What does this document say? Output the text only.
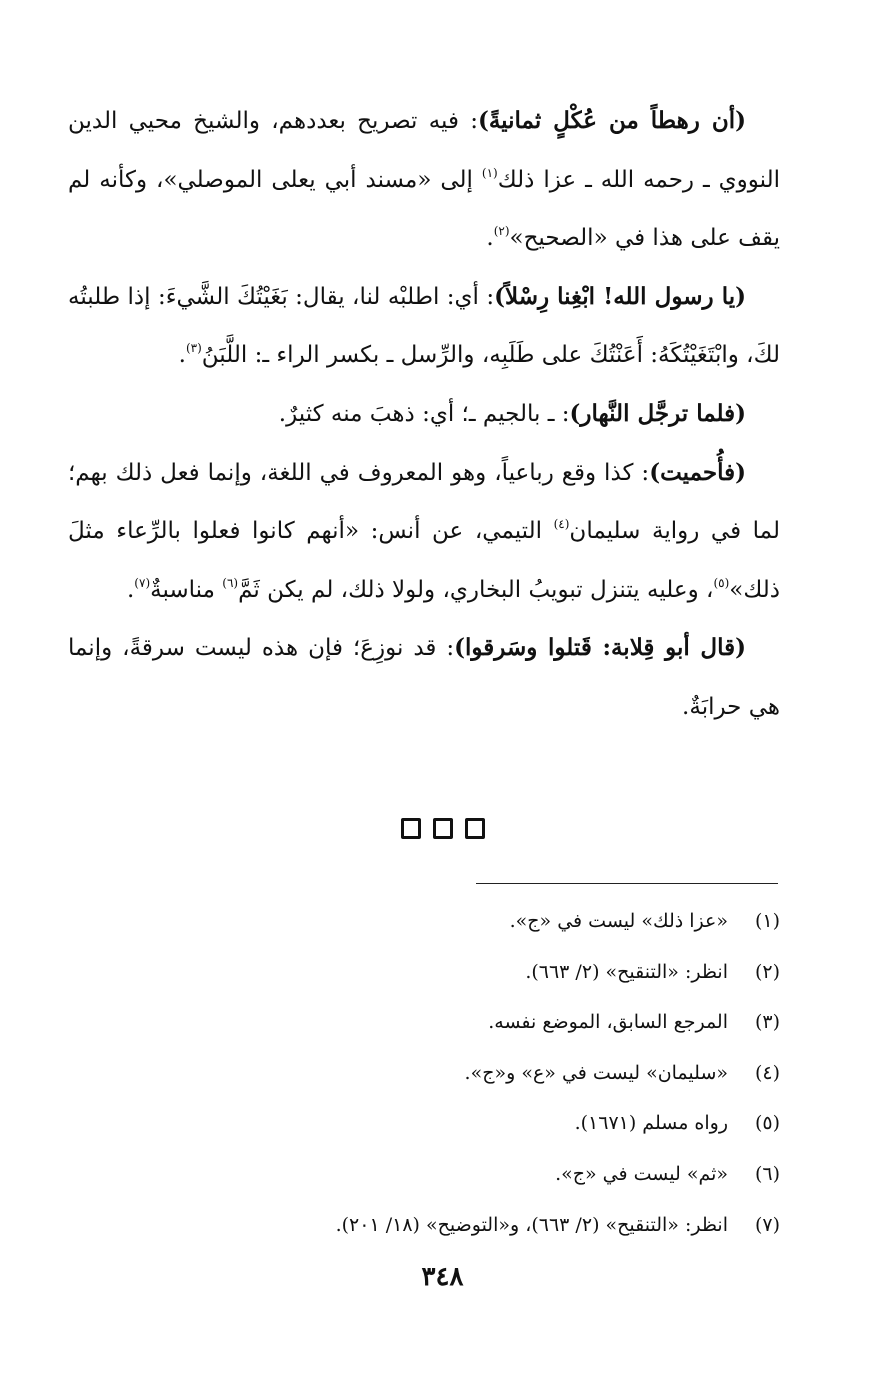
(أن رهطاً من عُكْلٍ ثمانيةً): فيه تصريح بعددهم، والشيخ محيي الدين النووي ـ رحمه الله ـ عزا ذلك$^{(١)}$ إلى «مسند أبي يعلى الموصلي»، وكأنه لم يقف على هذا في «الصحيح»$^{(٢)}$.

(يا رسول الله! ابْغِنا رِسْلاً): أي: اطلبْه لنا، يقال: بَغَيْتُكَ الشَّيءَ: إذا طلبتُه لكَ، وابْتَغَيْتُكَهُ: أَعَنْتُكَ على طَلَبِه، والرِّسل ـ بكسر الراء ـ: اللَّبَنُ$^{(٣)}$.

(فلما ترجَّل النَّهار): ـ بالجيم ـ؛ أي: ذهبَ منه كثيرٌ.

(فأُحميت): كذا وقع رباعياً، وهو المعروف في اللغة، وإنما فعل ذلك بهم؛ لما في رواية سليمان$^{(٤)}$ التيمي، عن أنس: «أنهم كانوا فعلوا بالرِّعاء مثلَ ذلك»$^{(٥)}$، وعليه يتنزل تبويبُ البخاري، ولولا ذلك، لم يكن ثَمَّ$^{(٦)}$ مناسبةٌ$^{(٧)}$.

(قال أبو قِلابة: قَتلوا وسَرقوا): قد نوزِعَ؛ فإن هذه ليست سرقةً، وإنما هي حرابَةٌ.

(١)
«عزا ذلك» ليست في «ج».
(٢)
انظر: «التنقيح» (٢/ ٦٦٣).
(٣)
المرجع السابق، الموضع نفسه.
(٤)
«سليمان» ليست في «ع» و«ج».
(٥)
رواه مسلم (١٦٧١).
(٦)
«ثم» ليست في «ج».
(٧)
انظر: «التنقيح» (٢/ ٦٦٣)، و«التوضيح» (١٨/ ٢٠١).
٣٤٨
